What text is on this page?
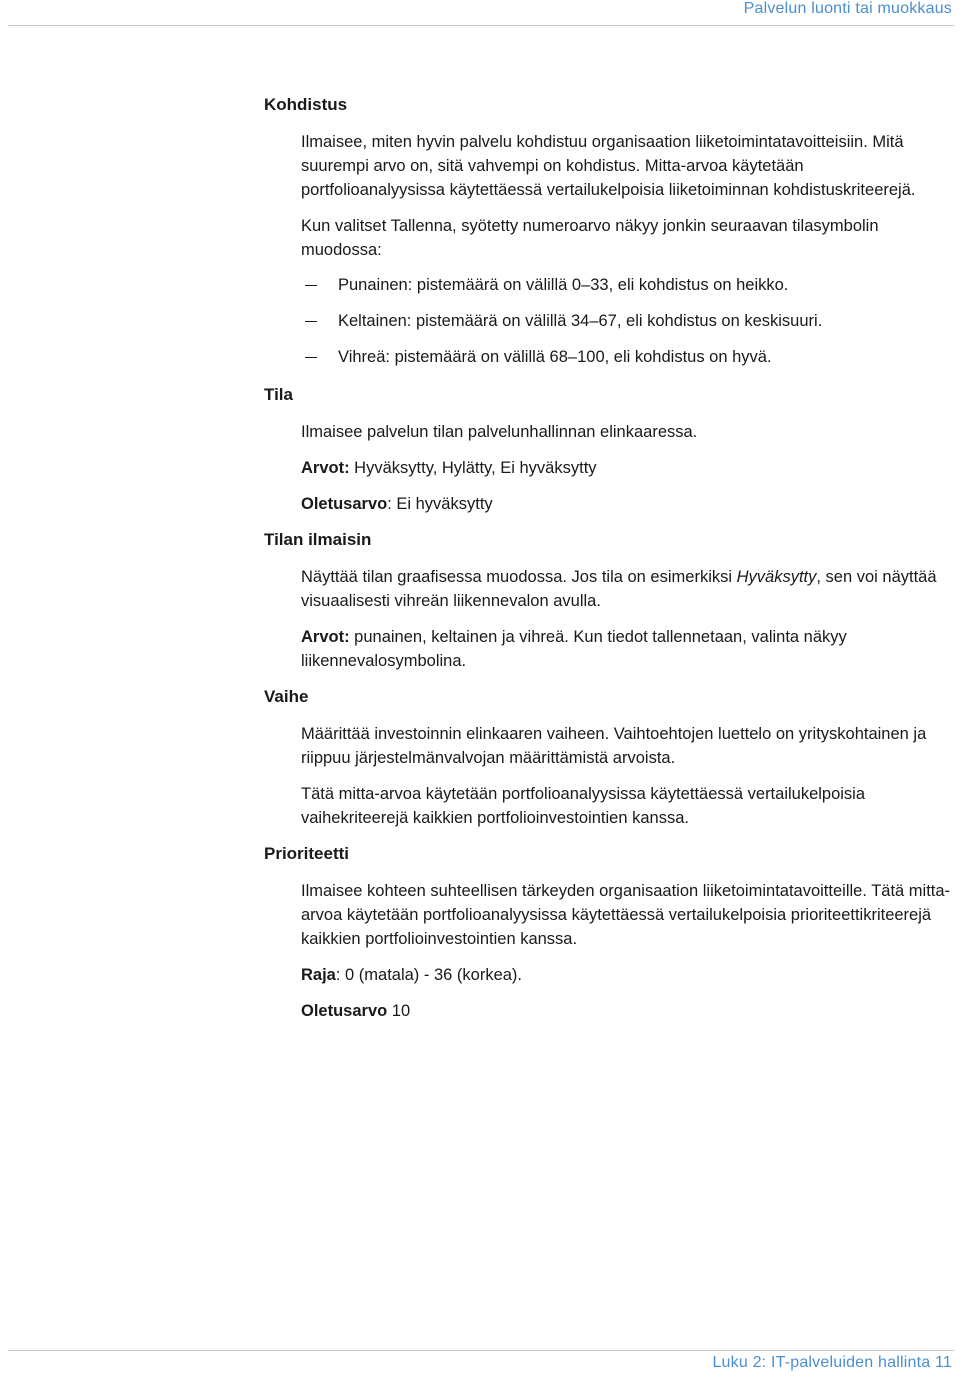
Palvelun luonti tai muokkaus
Kohdistus

Ilmaisee, miten hyvin palvelu kohdistuu organisaation liiketoimintatavoitteisiin. Mitä suurempi arvo on, sitä vahvempi on kohdistus. Mitta-arvoa käytetään portfolioanalyysissa käytettäessä vertailukelpoisia liiketoiminnan kohdistuskriteerejä.

Kun valitset Tallenna, syötetty numeroarvo näkyy jonkin seuraavan tilasymbolin muodossa:

Punainen: pistemäärä on välillä 0–33, eli kohdistus on heikko.
Keltainen: pistemäärä on välillä 34–67, eli kohdistus on keskisuuri.
Vihreä: pistemäärä on välillä 68–100, eli kohdistus on hyvä.
Tila

Ilmaisee palvelun tilan palvelunhallinnan elinkaaressa.

Arvot: Hyväksytty, Hylätty, Ei hyväksytty

Oletusarvo: Ei hyväksytty

Tilan ilmaisin

Näyttää tilan graafisessa muodossa. Jos tila on esimerkiksi Hyväksytty, sen voi näyttää visuaalisesti vihreän liikennevalon avulla.

Arvot: punainen, keltainen ja vihreä. Kun tiedot tallennetaan, valinta näkyy liikennevalosymbolina.

Vaihe

Määrittää investoinnin elinkaaren vaiheen. Vaihtoehtojen luettelo on yrityskohtainen ja riippuu järjestelmänvalvojan määrittämistä arvoista.

Tätä mitta-arvoa käytetään portfolioanalyysissa käytettäessä vertailukelpoisia vaihekriteerejä kaikkien portfolioinvestointien kanssa.

Prioriteetti

Ilmaisee kohteen suhteellisen tärkeyden organisaation liiketoimintatavoitteille. Tätä mitta-arvoa käytetään portfolioanalyysissa käytettäessä vertailukelpoisia prioriteettikriteerejä kaikkien portfolioinvestointien kanssa.

Raja: 0 (matala) - 36 (korkea).

Oletusarvo 10

Luku 2: IT-palveluiden hallinta 11
